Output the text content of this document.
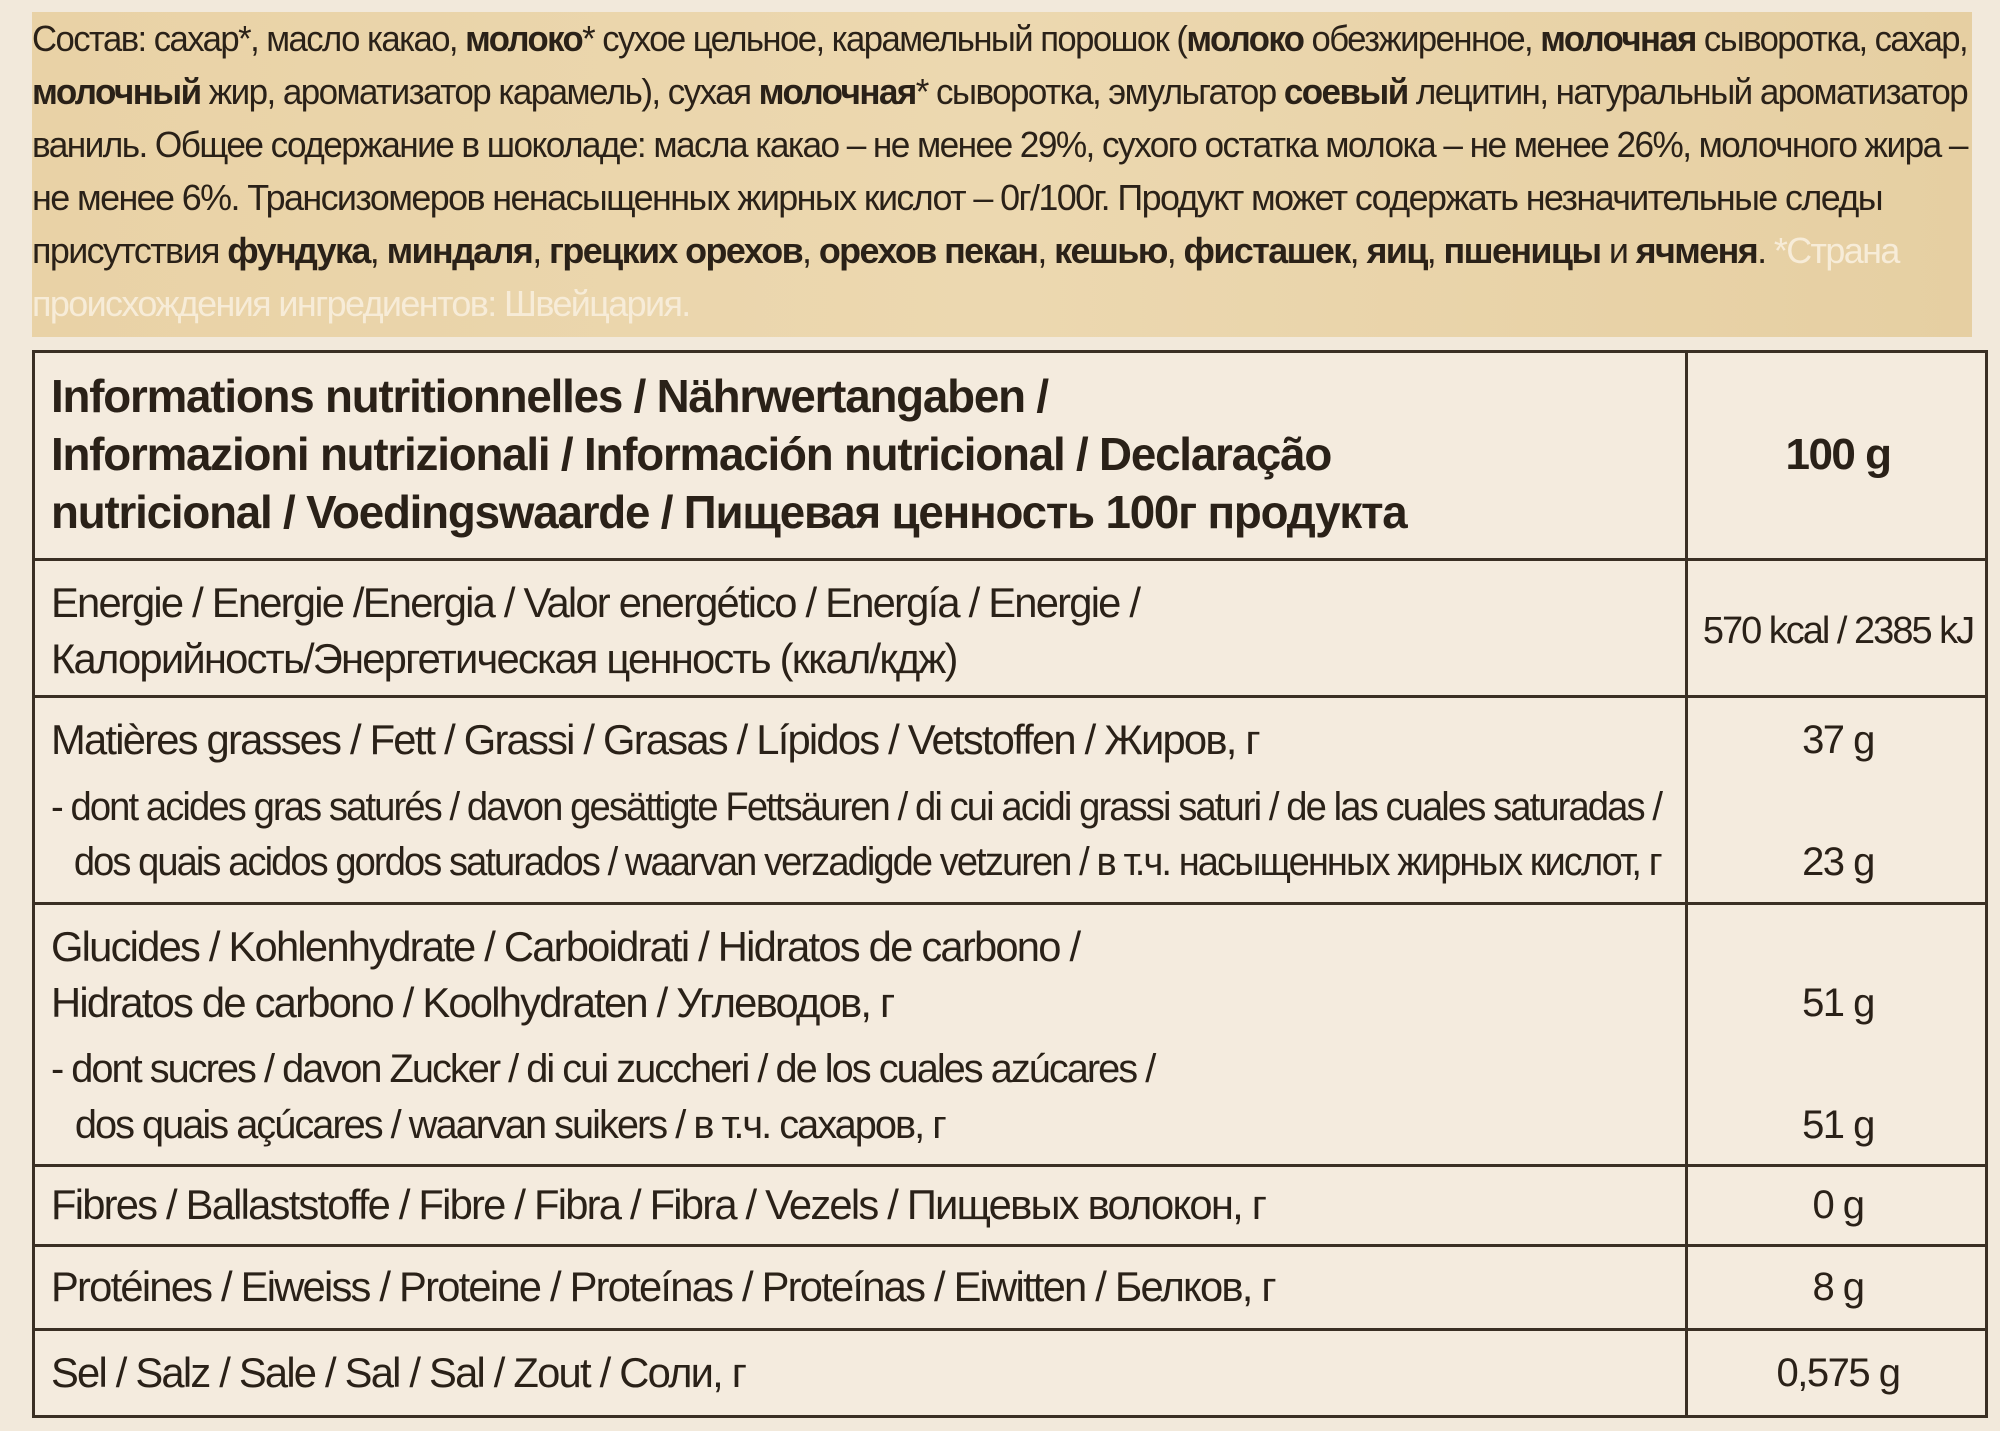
Состав: сахар*, масло какао, молоко* сухое цельное, карамельный порошок (молоко обезжиренное, молочная сыворотка, сахар,

молочный жир, ароматизатор карамель), сухая молочная* сыворотка, эмульгатор соевый лецитин, натуральный ароматизатор

ваниль. Общее содержание в шоколаде: масла какао – не менее 29%, сухого остатка молока – не менее 26%, молочного жира –

не менее 6%. Трансизомеров ненасыщенных жирных кислот – 0г/100г. Продукт может содержать незначительные следы

присутствия фундука, миндаля, грецких орехов, орехов пекан, кешью, фисташек, яиц, пшеницы и ячменя. *Страна

происхождения ингредиентов: Швейцария.

Informations nutritionnelles / Nährwertangaben /
Informazioni nutrizionali / Información nutricional / Declaração
nutricional / Voedingswaarde / Пищевая ценность 100г продукта
100 g
Energie / Energie /Energia / Valor energético / Energía / Energie /
Калорийность/Энергетическая ценность (ккал/кдж)
570 kcal / 2385 kJ
Matières grasses / Fett / Grassi / Grasas / Lípidos / Vetstoffen / Жиров, г	37 g
- dont acides gras saturés / davon gesättigte Fettsäuren / di cui acidi grassi saturi / de las cuales saturadas /
dos quais acidos gordos saturados / waarvan verzadigde vetzuren / в т.ч. насыщенных жирных кислот, г	23 g
Glucides / Kohlenhydrate / Carboidrati / Hidratos de carbono /
Hidratos de carbono / Koolhydraten / Углеводов, г	51 g
- dont sucres / davon Zucker / di cui zuccheri / de los cuales azúcares /
dos quais açúcares / waarvan suikers / в т.ч. сахаров, г	51 g
Fibres / Ballaststoffe / Fibre / Fibra / Fibra / Vezels / Пищевых волокон, г	0 g
Protéines / Eiweiss / Proteine / Proteínas / Proteínas / Eiwitten / Белков, г	8 g
Sel / Salz / Sale / Sal / Sal / Zout / Соли, г	0,575 g
